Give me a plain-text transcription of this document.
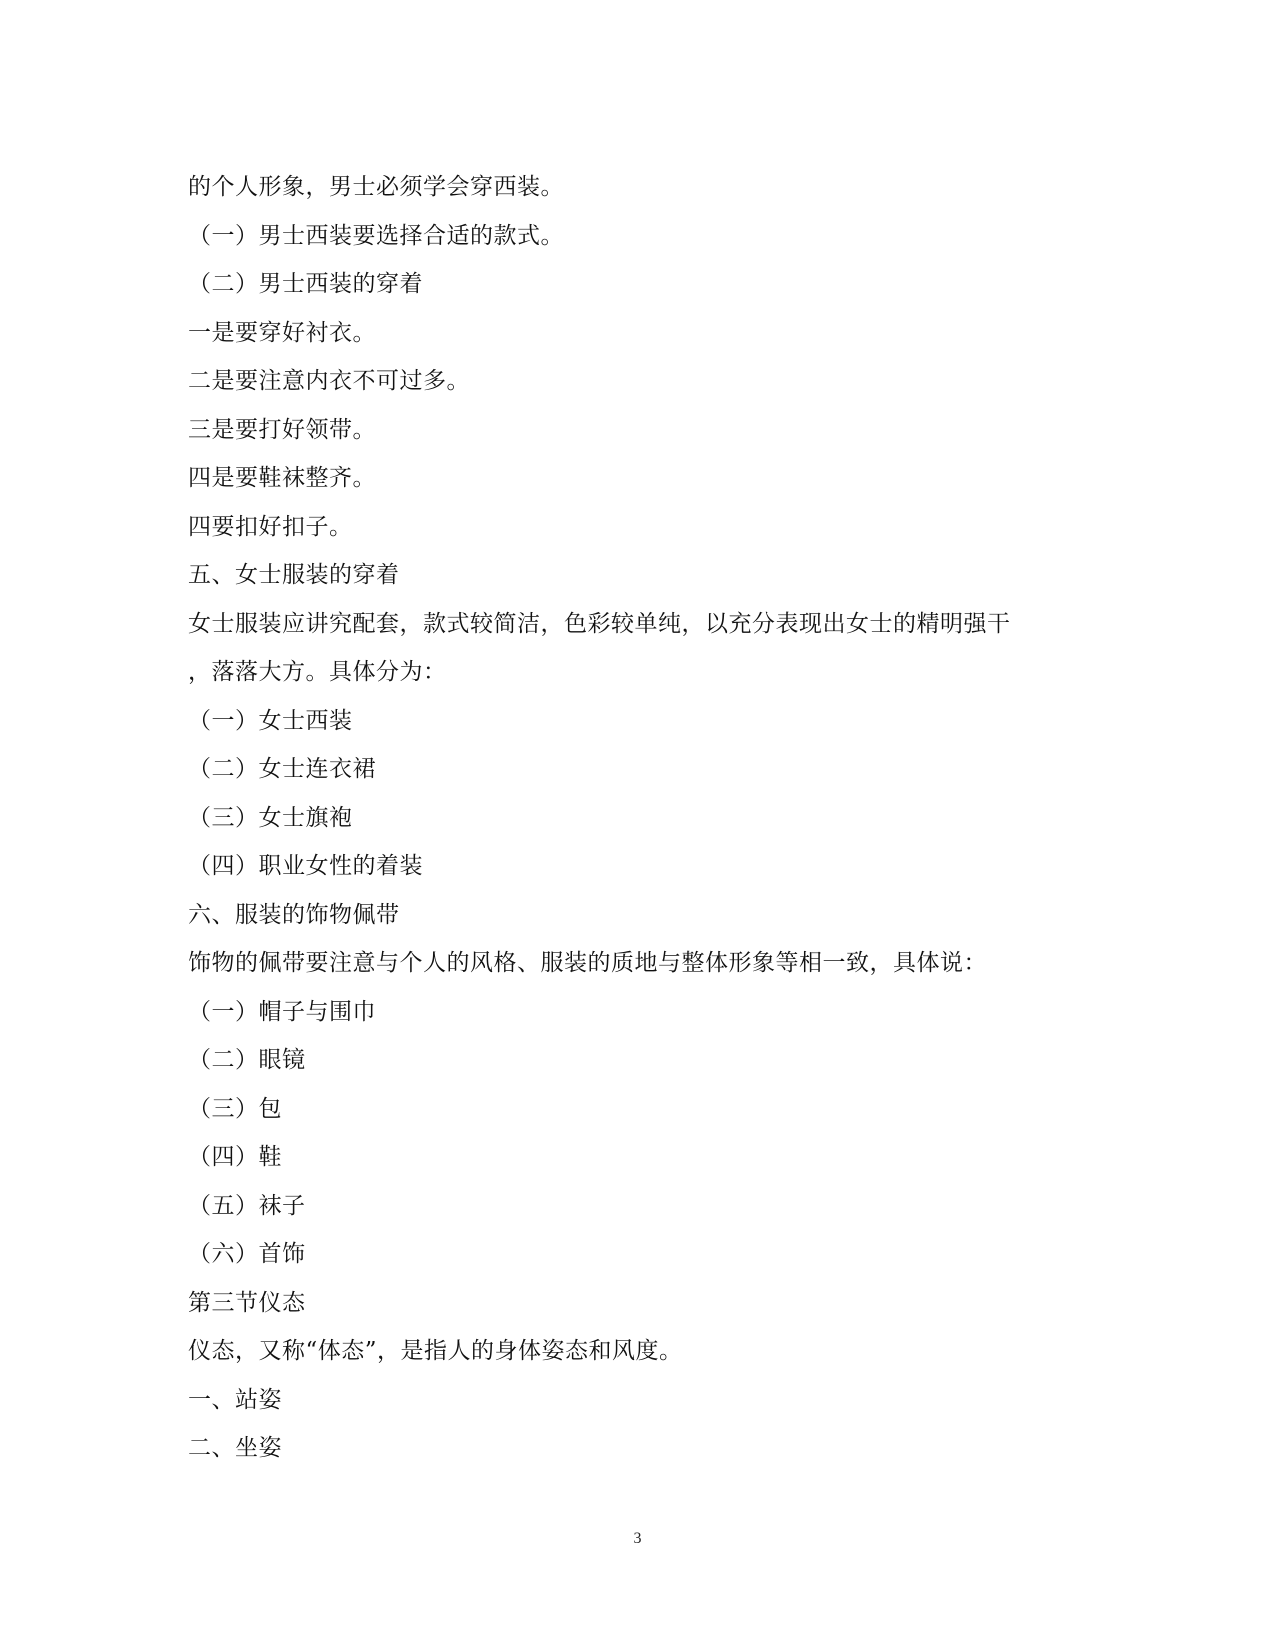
的个人形象，男士必须学会穿西装。
（一）男士西装要选择合适的款式。
（二）男士西装的穿着
一是要穿好衬衣。
二是要注意内衣不可过多。
三是要打好领带。
四是要鞋袜整齐。
四要扣好扣子。
五、女士服装的穿着
女士服装应讲究配套，款式较简洁，色彩较单纯，以充分表现出女士的精明强干
，落落大方。具体分为：
（一）女士西装
（二）女士连衣裙
（三）女士旗袍
（四）职业女性的着装
六、服装的饰物佩带
饰物的佩带要注意与个人的风格、服装的质地与整体形象等相一致，具体说：
（一）帽子与围巾
（二）眼镜
（三）包
（四）鞋
（五）袜子
（六）首饰
第三节仪态
仪态，又称“体态”，是指人的身体姿态和风度。
一、站姿
二、坐姿
3
